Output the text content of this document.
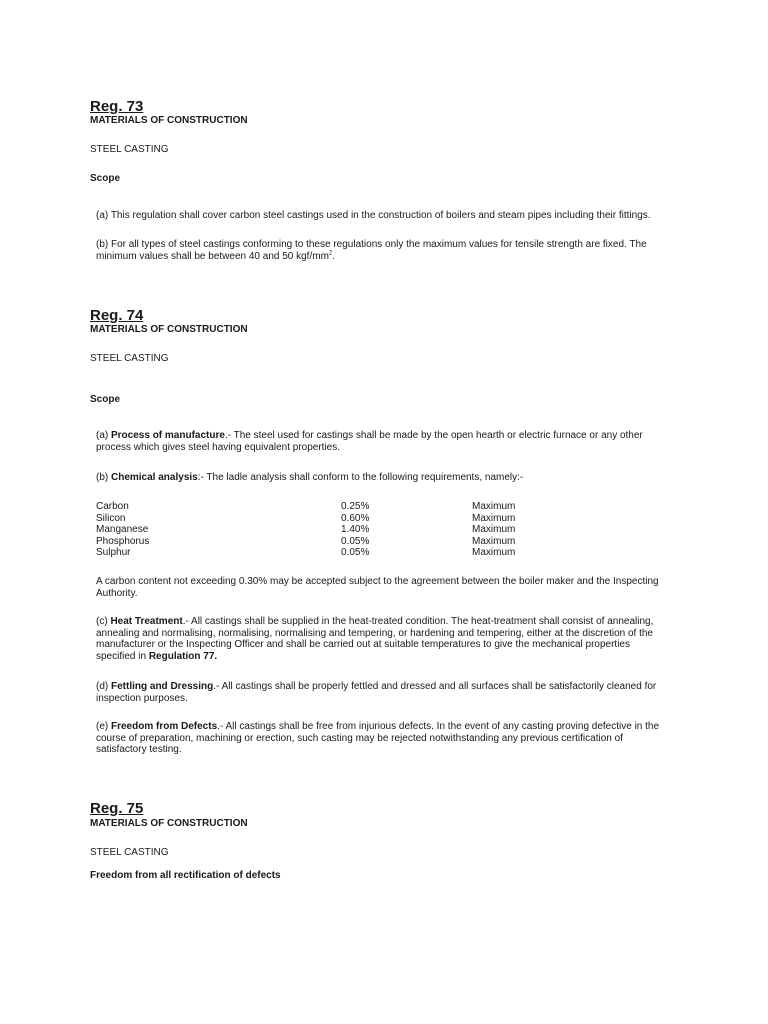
Reg. 73
MATERIALS OF CONSTRUCTION
STEEL CASTING
Scope
(a) This regulation shall cover carbon steel castings used in the construction of boilers and steam pipes including their fittings.
(b) For all types of steel castings conforming to these regulations only the maximum values for tensile strength are fixed. The minimum values shall be between 40 and 50 kgf/$mm^2$.
Reg. 74
MATERIALS OF CONSTRUCTION
STEEL CASTING
Scope
(a) Process of manufacture.- The steel used for castings shall be made by the open hearth or electric furnace or any other process which gives steel having equivalent properties.
(b) Chemical analysis:- The ladle analysis shall conform to the following requirements, namely:-
Carbon	0.25%	Maximum
Silicon	0.60%	Maximum
Manganese	1.40%	Maximum
Phosphorus	0.05%	Maximum
Sulphur	0.05%	Maximum
A carbon content not exceeding 0.30% may be accepted subject to the agreement between the boiler maker and the Inspecting Authority.
(c) Heat Treatment.- All castings shall be supplied in the heat-treated condition. The heat-treatment shall consist of annealing, annealing and normalising, normalising, normalising and tempering, or hardening and tempering, either at the discretion of the manufacturer or the Inspecting Officer and shall be carried out at suitable temperatures to give the mechanical properties specified in Regulation 77.
(d) Fettling and Dressing.- All castings shall be properly fettled and dressed and all surfaces shall be satisfactorily cleaned for inspection purposes.
(e) Freedom from Defects.- All castings shall be free from injurious defects. In the event of any casting proving defective in the course of preparation, machining or erection, such casting may be rejected notwithstanding any previous certification of satisfactory testing.
Reg. 75
MATERIALS OF CONSTRUCTION
STEEL CASTING
Freedom from all rectification of defects
